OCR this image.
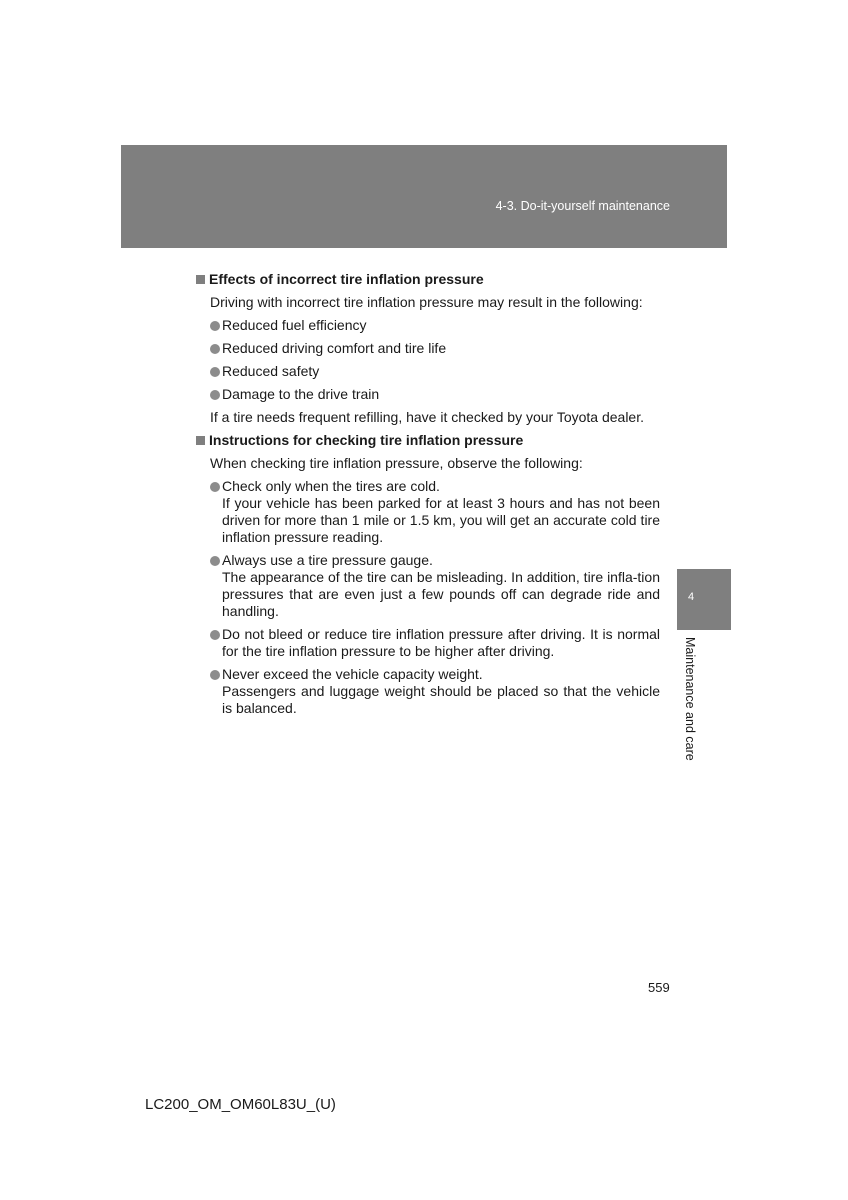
4-3. Do-it-yourself maintenance
4
Maintenance and care
Effects of incorrect tire inflation pressure
Driving with incorrect tire inflation pressure may result in the following:
Reduced fuel efficiency
Reduced driving comfort and tire life
Reduced safety
Damage to the drive train
If a tire needs frequent refilling, have it checked by your Toyota dealer.
Instructions for checking tire inflation pressure
When checking tire inflation pressure, observe the following:
Check only when the tires are cold.
If your vehicle has been parked for at least 3 hours and has not been driven for more than 1 mile or 1.5 km, you will get an accurate cold tire inflation pressure reading.
Always use a tire pressure gauge.
The appearance of the tire can be misleading. In addition, tire infla-tion pressures that are even just a few pounds off can degrade ride and handling.
Do not bleed or reduce tire inflation pressure after driving. It is normal for the tire inflation pressure to be higher after driving.
Never exceed the vehicle capacity weight.
Passengers and luggage weight should be placed so that the vehicle is balanced.
559
LC200_OM_OM60L83U_(U)
